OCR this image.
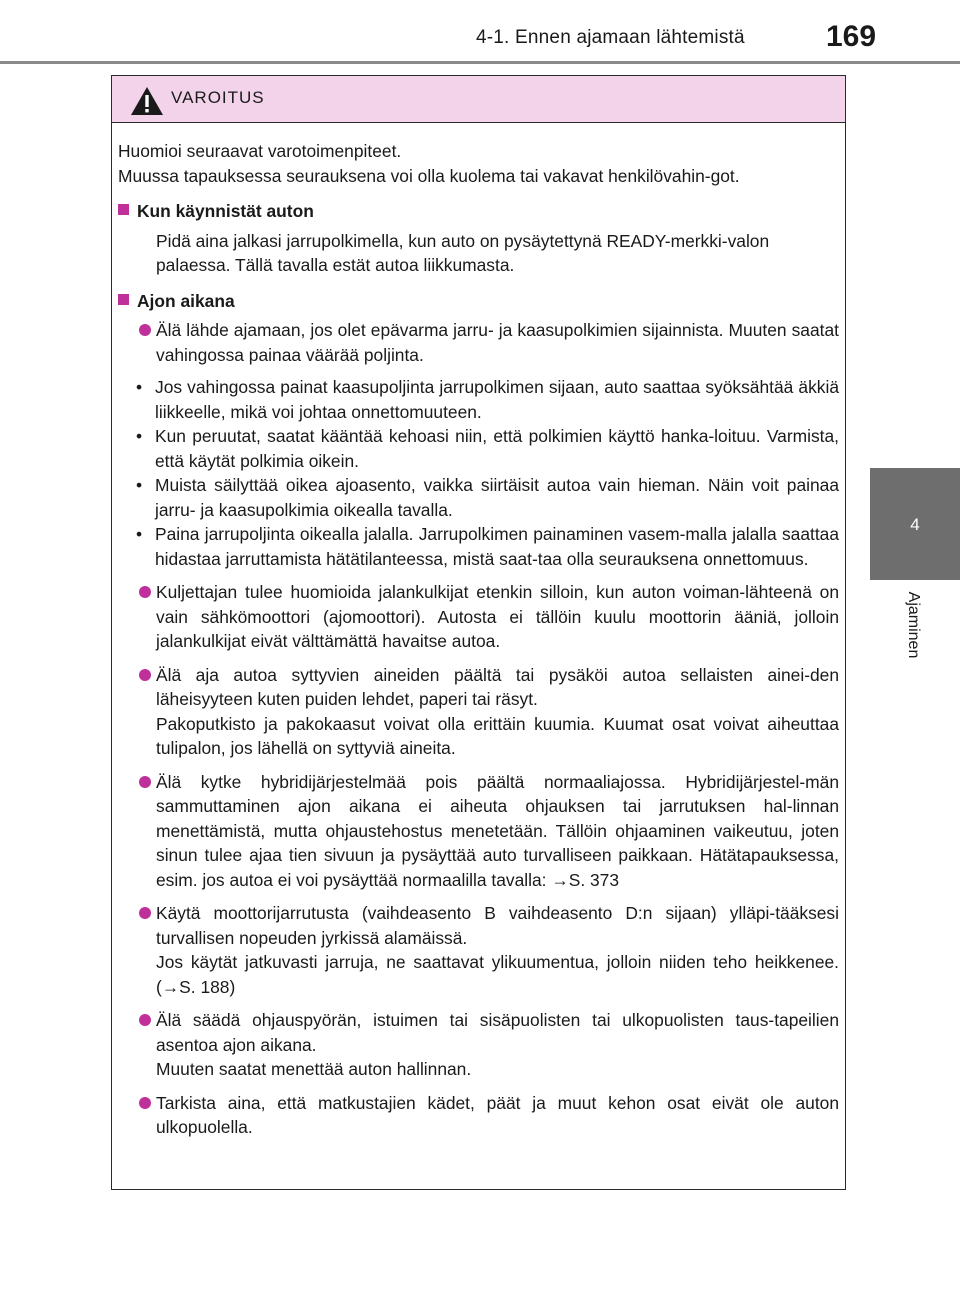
4-1. Ennen ajamaan lähtemistä	169
4
Ajaminen
VAROITUS
Huomioi seuraavat varotoimenpiteet.
Muussa tapauksessa seurauksena voi olla kuolema tai vakavat henkilövahin-got.
Kun käynnistät auton
Pidä aina jalkasi jarrupolkimella, kun auto on pysäytettynä READY-merkki-valon palaessa. Tällä tavalla estät autoa liikkumasta.
Ajon aikana
Älä lähde ajamaan, jos olet epävarma jarru- ja kaasupolkimien sijainnista. Muuten saatat vahingossa painaa väärää poljinta.
• Jos vahingossa painat kaasupoljinta jarrupolkimen sijaan, auto saattaa syöksähtää äkkiä liikkeelle, mikä voi johtaa onnettomuuteen.
• Kun peruutat, saatat kääntää kehoasi niin, että polkimien käyttö hanka-loituu. Varmista, että käytät polkimia oikein.
• Muista säilyttää oikea ajoasento, vaikka siirtäisit autoa vain hieman. Näin voit painaa jarru- ja kaasupolkimia oikealla tavalla.
• Paina jarrupoljinta oikealla jalalla. Jarrupolkimen painaminen vasem-malla jalalla saattaa hidastaa jarruttamista hätätilanteessa, mistä saat-taa olla seurauksena onnettomuus.
Kuljettajan tulee huomioida jalankulkijat etenkin silloin, kun auton voiman-lähteenä on vain sähkömoottori (ajomoottori). Autosta ei tällöin kuulu moottorin ääniä, jolloin jalankulkijat eivät välttämättä havaitse autoa.
Älä aja autoa syttyvien aineiden päältä tai pysäköi autoa sellaisten ainei-den läheisyyteen kuten puiden lehdet, paperi tai räsyt.
Pakoputkisto ja pakokaasut voivat olla erittäin kuumia. Kuumat osat voivat aiheuttaa tulipalon, jos lähellä on syttyviä aineita.
Älä kytke hybridijärjestelmää pois päältä normaaliajossa. Hybridijärjestel-män sammuttaminen ajon aikana ei aiheuta ohjauksen tai jarrutuksen hal-linnan menettämistä, mutta ohjaustehostus menetetään. Tällöin ohjaaminen vaikeutuu, joten sinun tulee ajaa tien sivuun ja pysäyttää auto turvalliseen paikkaan. Hätätapauksessa, esim. jos autoa ei voi pysäyttää normaalilla tavalla: →S. 373
Käytä moottorijarrutusta (vaihdeasento B vaihdeasento D:n sijaan) ylläpi-tääksesi turvallisen nopeuden jyrkissä alamäissä.
Jos käytät jatkuvasti jarruja, ne saattavat ylikuumentua, jolloin niiden teho heikkenee. (→S. 188)
Älä säädä ohjauspyörän, istuimen tai sisäpuolisten tai ulkopuolisten taus-tapeilien asentoa ajon aikana.
Muuten saatat menettää auton hallinnan.
Tarkista aina, että matkustajien kädet, päät ja muut kehon osat eivät ole auton ulkopuolella.
